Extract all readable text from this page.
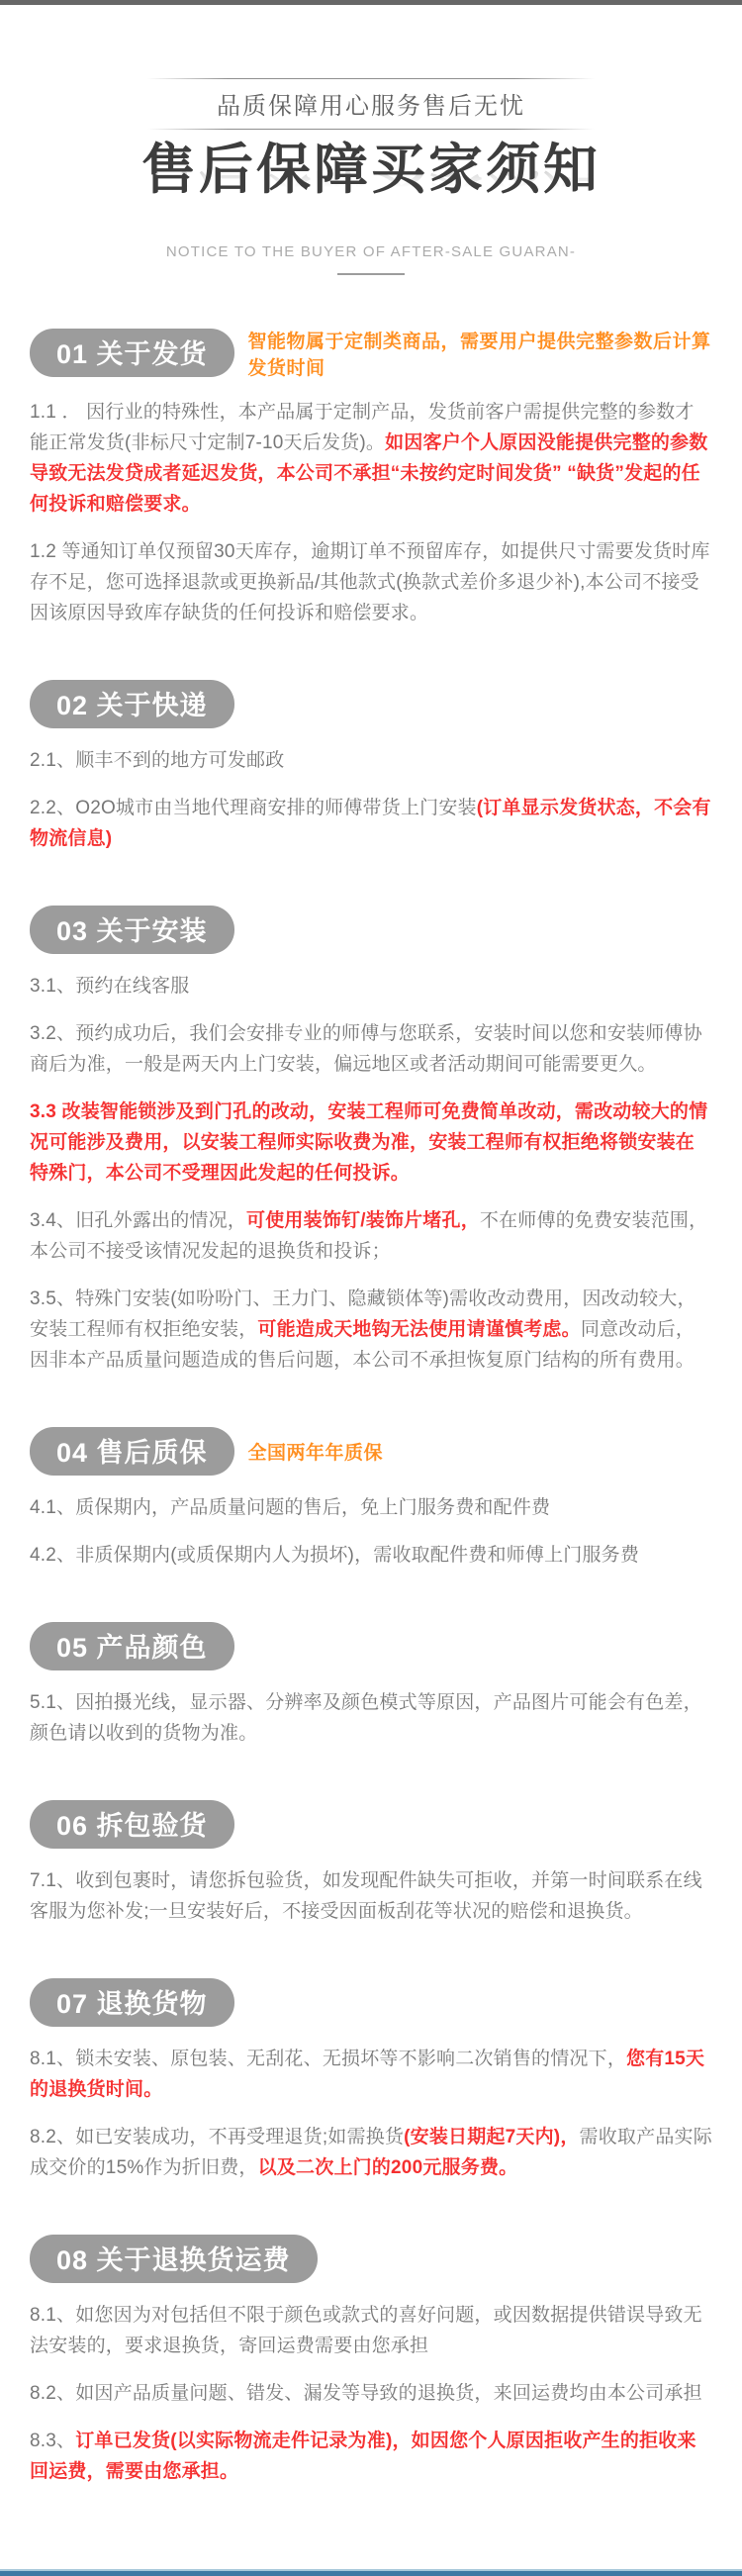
品质保障用心服务售后无忧
售后保障买家须知
NOTICE TO THE BUYER OF AFTER-SALE GUARAN-
01 关于发货	智能物属于定制类商品，需要用户提供完整参数后计算发货时间

1.1 ． 因行业的特殊性，本产品属于定制产品，发货前客户需提供完整的参数才能正常发货(非标尺寸定制7-10天后发货)。如因客户个人原因没能提供完整的参数导致无法发贷成者延迟发货，本公司不承担“未按约定时间发货” “缺货”发起的任何投诉和赔偿要求。

1.2 等通知订单仅预留30天库存，逾期订单不预留库存，如提供尺寸需要发货时库存不足，您可选择退款或更换新品/其他款式(换款式差价多退少补),本公司不接受因该原因导致库存缺货的任何投诉和赔偿要求。

02 关于快递

2.1、顺丰不到的地方可发邮政

2.2、O2O城市由当地代理商安排的师傅带货上门安装(订单显示发货状态，不会有物流信息)

03 关于安装

3.1、预约在线客服

3.2、预约成功后，我们会安排专业的师傅与您联系，安装时间以您和安装师傅协商后为准，一般是两天内上门安装，偏远地区或者活动期间可能需要更久。

3.3 改装智能锁涉及到门孔的改动，安装工程师可免费简单改动，需改动较大的情况可能涉及费用，以安装工程师实际收费为准，安装工程师有权拒绝将锁安装在特殊门，本公司不受理因此发起的任何投诉。

3.4、旧孔外露出的情况，可使用装饰钉/装饰片堵孔，不在师傅的免费安装范围，本公司不接受该情况发起的退换货和投诉；

3.5、特殊门安装(如吩吩门、王力门、隐藏锁体等)需收改动费用，因改动较大，安装工程师有权拒绝安装，可能造成天地钩无法使用请谨慎考虑。同意改动后，因非本产品质量问题造成的售后问题，本公司不承担恢复原门结构的所有费用。

04 售后质保	全国两年年质保

4.1、质保期内，产品质量问题的售后，免上门服务费和配件费

4.2、非质保期内(或质保期内人为损坏)，需收取配件费和师傅上门服务费

05 产品颜色

5.1、因拍摄光线，显示器、分辨率及颜色模式等原因，产品图片可能会有色差，颜色请以收到的货物为准。

06 拆包验货

7.1、收到包裹时，请您拆包验货，如发现配件缺失可拒收，并第一时间联系在线客服为您补发;一旦安装好后，不接受因面板刮花等状况的赔偿和退换货。

07 退换货物

8.1、锁未安装、原包装、无刮花、无损坏等不影响二次销售的情况下，您有15天的退换货时间。

8.2、如已安装成功，不再受理退货;如需换货(安装日期起7天内)，需收取产品实际成交价的15%作为折旧费，以及二次上门的200元服务费。

08 关于退换货运费

8.1、如您因为对包括但不限于颜色或款式的喜好问题，或因数据提供错误导致无法安装的，要求退换货，寄回运费需要由您承担

8.2、如因产品质量问题、错发、漏发等导致的退换货，来回运费均由本公司承担

8.3、订单已发货(以实际物流走件记录为准)，如因您个人原因拒收产生的拒收来回运费，需要由您承担。
